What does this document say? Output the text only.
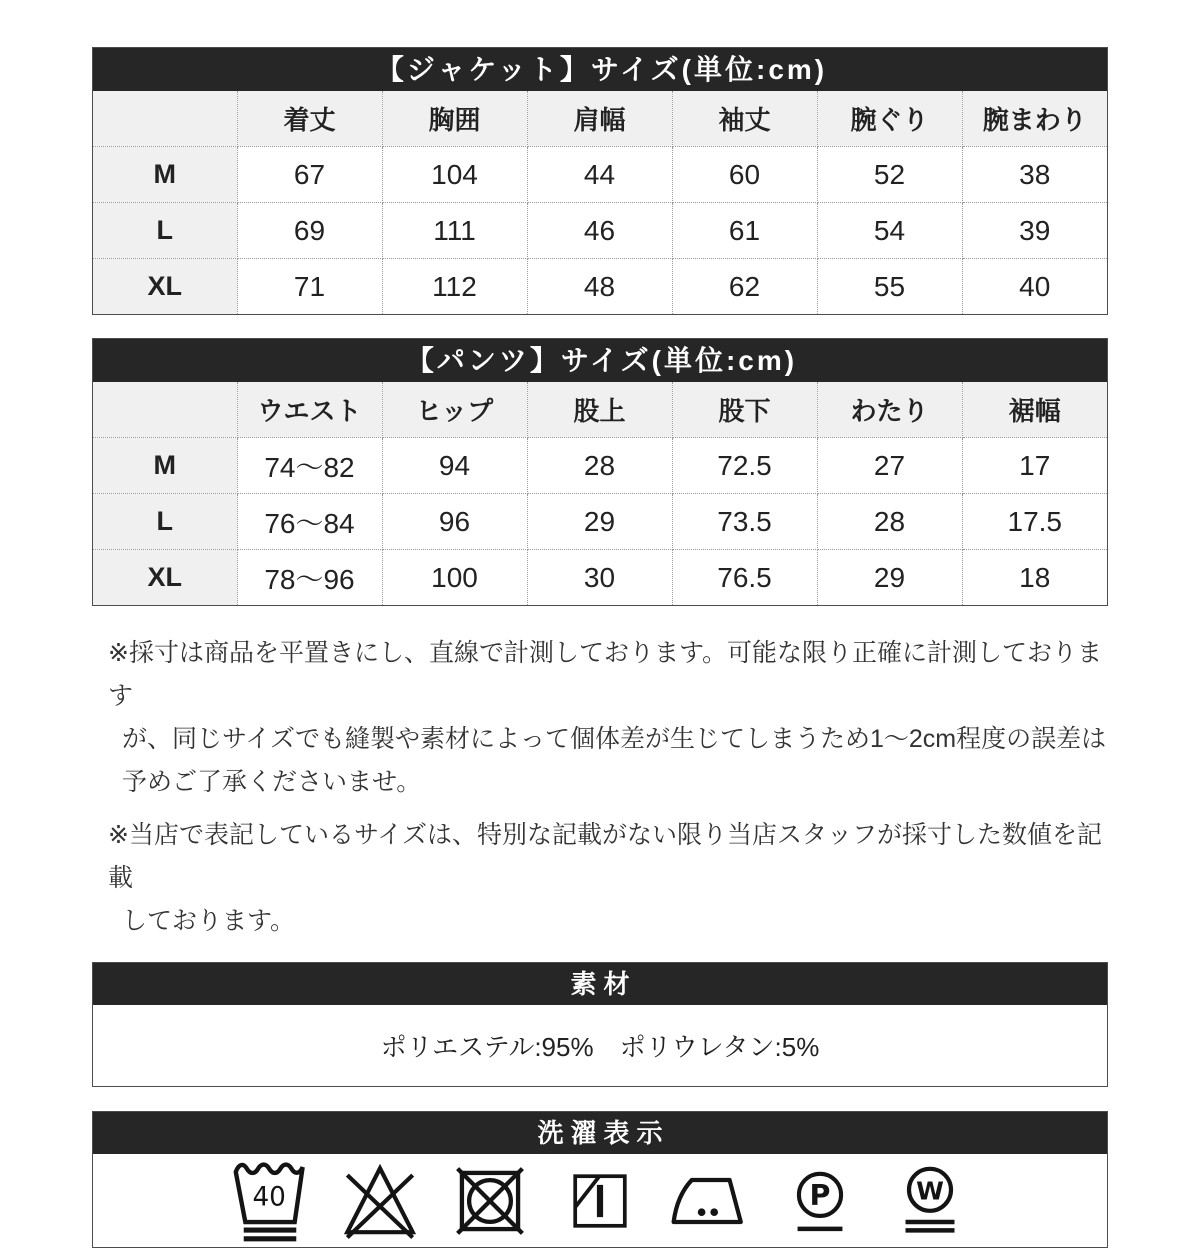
【ジャケット】サイズ(単位:cm)
	着丈	胸囲	肩幅	袖丈	腕ぐり	腕まわり
M	67	104	44	60	52	38
L	69	111	46	61	54	39
XL	71	112	48	62	55	40
【パンツ】サイズ(単位:cm)
	ウエスト	ヒップ	股上	股下	わたり	裾幅
M	74〜82	94	28	72.5	27	17
L	76〜84	96	29	73.5	28	17.5
XL	78〜96	100	30	76.5	29	18
※採寸は商品を平置きにし、直線で計測しております。可能な限り正確に計測しております
が、同じサイズでも縫製や素材によって個体差が生じてしまうため1〜2cm程度の誤差は
予めご了承くださいませ。
※当店で表記しているサイズは、特別な記載がない限り当店スタッフが採寸した数値を記載
しております。
素材
ポリエステル:95%　ポリウレタン:5%
洗濯表示
40	P W
